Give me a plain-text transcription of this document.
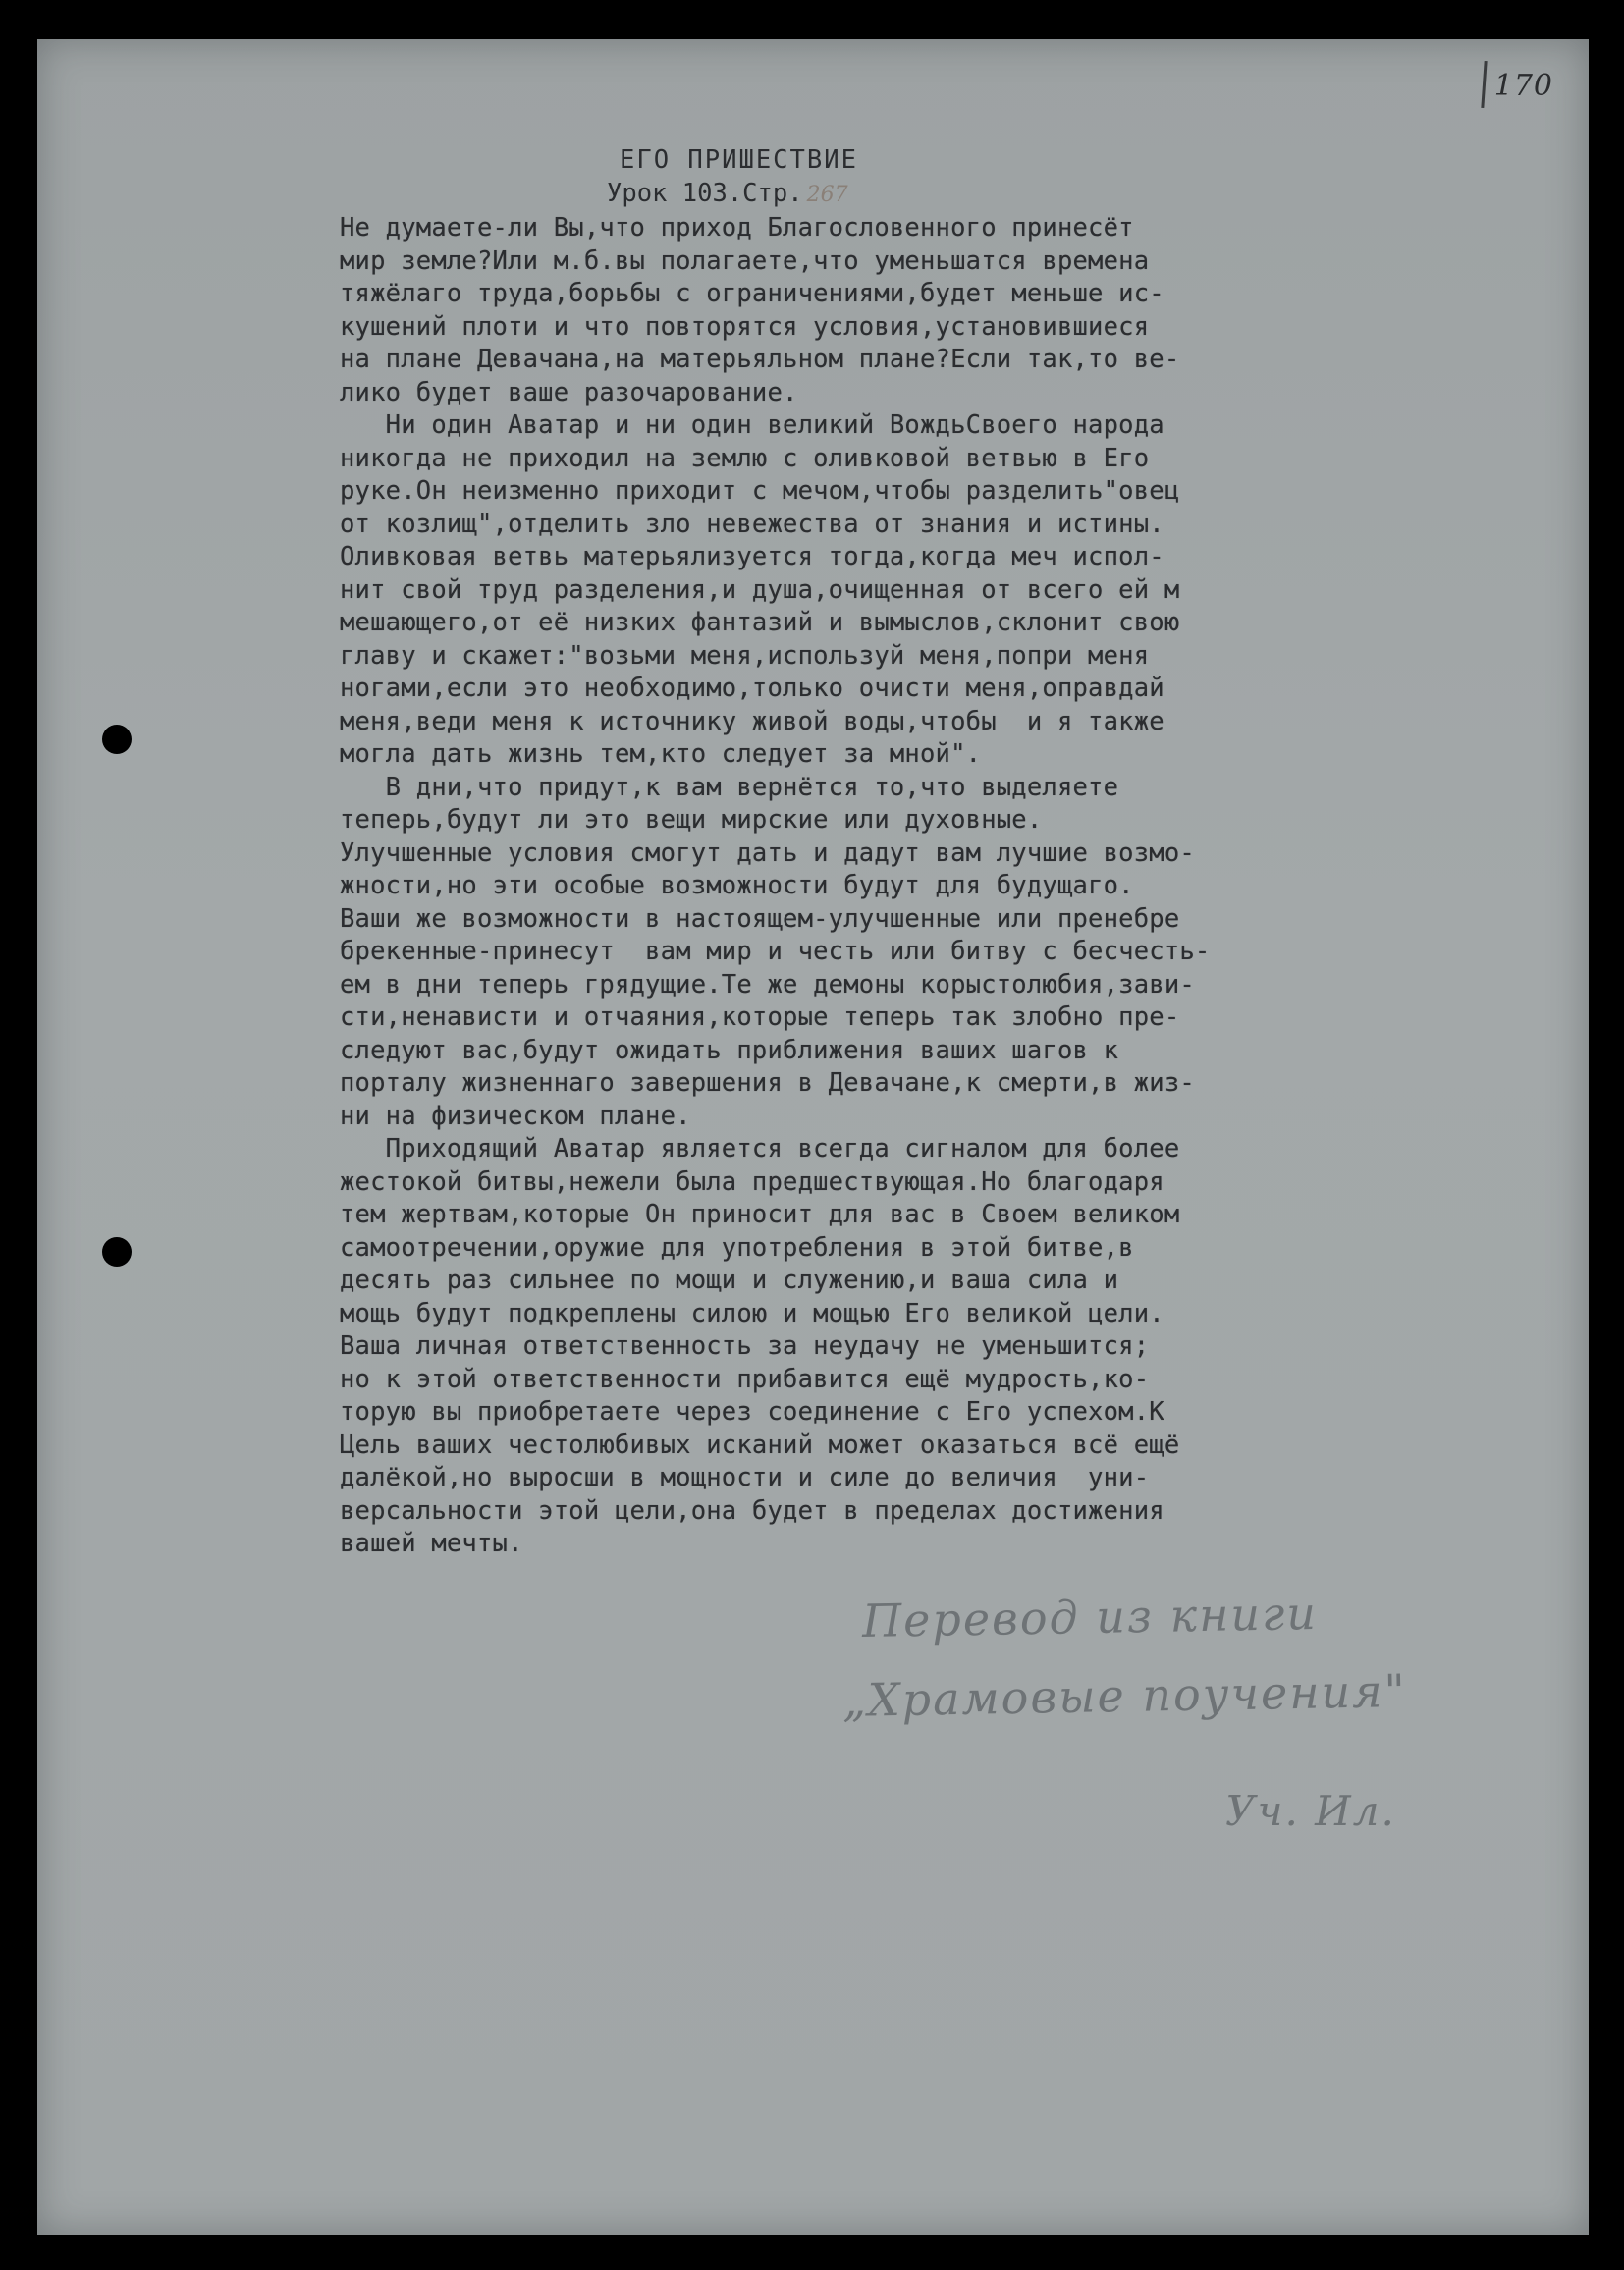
170
ЕГО ПРИШЕСТВИЕ
Урок 103.Стр. 267
Не думаете-ли Вы,что приход Благословенного принесёт
мир земле?Или м.б.вы полагаете,что уменьшатся времена
тяжёлаго труда,борьбы с ограничениями,будет меньше ис-
кушений плоти и что повторятся условия,установившиеся
на плане Девачана,на матерьяльном плане?Если так,то ве-
лико будет ваше разочарование.
Ни один Аватар и ни один великий ВождьСвоего народа
никогда не приходил на землю с оливковой ветвью в Его
руке.Он неизменно приходит с мечом,чтобы разделить"овец
от козлищ",отделить зло невежества от знания и истины.
Оливковая ветвь матерьялизуется тогда,когда меч испол-
нит свой труд разделения,и душа,очищенная от всего ей м
мешающего,от её низких фантазий и вымыслов,склонит свою
главу и скажет:"возьми меня,используй меня,попри меня
ногами,если это необходимо,только очисти меня,оправдай
меня,веди меня к источнику живой воды,чтобы  и я также
могла дать жизнь тем,кто следует за мной".
В дни,что придут,к вам вернётся то,что выделяете
теперь,будут ли это вещи мирские или духовные.
Улучшенные условия смогут дать и дадут вам лучшие возмо-
жности,но эти особые возможности будут для будущаго.
Ваши же возможности в настоящем-улучшенные или пренебре
брекенные-принесут  вам мир и честь или битву с бесчесть-
ем в дни теперь грядущие.Те же демоны корыстолюбия,зави-
сти,ненависти и отчаяния,которые теперь так злобно пре-
следуют вас,будут ожидать приближения ваших шагов к
порталу жизненнаго завершения в Девачане,к смерти,в жиз-
ни на физическом плане.
Приходящий Аватар является всегда сигналом для более
жестокой битвы,нежели была предшествующая.Но благодаря
тем жертвам,которые Он приносит для вас в Своем великом
самоотречении,оружие для употребления в этой битве,в
десять раз сильнее по мощи и служению,и ваша сила и
мощь будут подкреплены силою и мощью Его великой цели.
Ваша личная ответственность за неудачу не уменьшится;
но к этой ответственности прибавится ещё мудрость,ко-
торую вы приобретаете через соединение с Его успехом.К
Цель ваших честолюбивых исканий может оказаться всё ещё
далёкой,но выросши в мощности и силе до величия  уни-
версальности этой цели,она будет в пределах достижения
вашей мечты.
Перевод из книги
„Храмовые поучения"
Уч. Ил.
